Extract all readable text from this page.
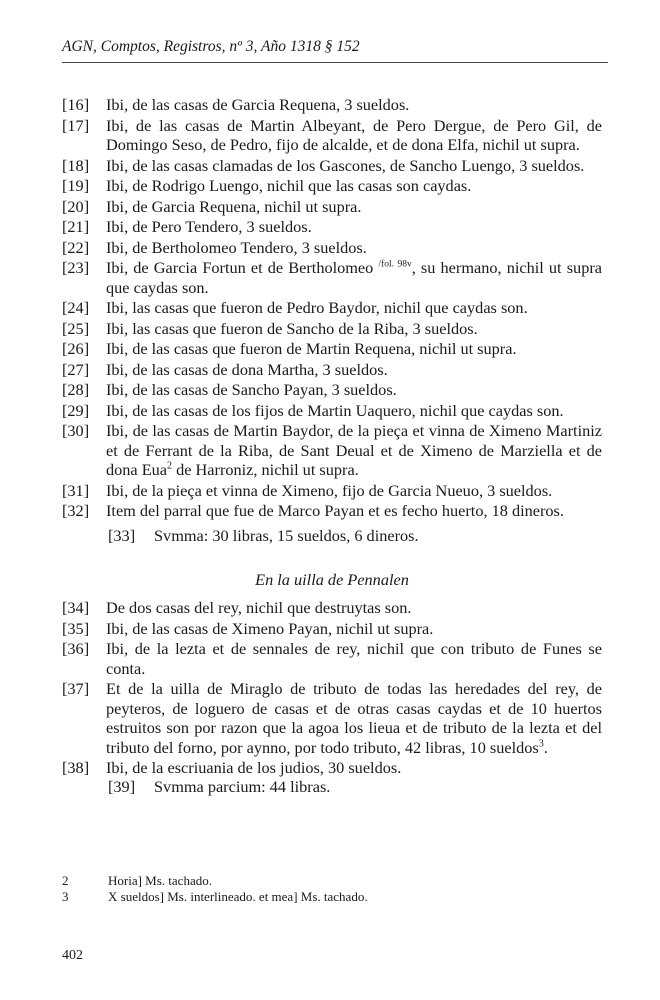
AGN, Comptos, Registros, nº 3, Año 1318 § 152
[16]	Ibi, de las casas de Garcia Requena, 3 sueldos.
[17]	Ibi, de las casas de Martin Albeyant, de Pero Dergue, de Pero Gil, de Domingo Seso, de Pedro, fijo de alcalde, et de dona Elfa, nichil ut supra.
[18]	Ibi, de las casas clamadas de los Gascones, de Sancho Luengo, 3 sueldos.
[19]	Ibi, de Rodrigo Luengo, nichil que las casas son caydas.
[20]	Ibi, de Garcia Requena, nichil ut supra.
[21]	Ibi, de Pero Tendero, 3 sueldos.
[22]	Ibi, de Bertholomeo Tendero, 3 sueldos.
[23]	Ibi, de Garcia Fortun et de Bertholomeo $^{/fol. 98v}$, su hermano, nichil ut supra que caydas son.
[24]	Ibi, las casas que fueron de Pedro Baydor, nichil que caydas son.
[25]	Ibi, las casas que fueron de Sancho de la Riba, 3 sueldos.
[26]	Ibi, de las casas que fueron de Martin Requena, nichil ut supra.
[27]	Ibi, de las casas de dona Martha, 3 sueldos.
[28]	Ibi, de las casas de Sancho Payan, 3 sueldos.
[29]	Ibi, de las casas de los fijos de Martin Uaquero, nichil que caydas son.
[30]	Ibi, de las casas de Martin Baydor, de la pieça et vinna de Ximeno Martiniz et de Ferrant de la Riba, de Sant Deual et de Ximeno de Marziella et de dona Eua$^2$ de Harroniz, nichil ut supra.
[31]	Ibi, de la pieça et vinna de Ximeno, fijo de Garcia Nueuo, 3 sueldos.
[32]	Item del parral que fue de Marco Payan et es fecho huerto, 18 dineros.
[33] Svmma: 30 libras, 15 sueldos, 6 dineros.
En la uilla de Pennalen
[34]	De dos casas del rey, nichil que destruytas son.
[35]	Ibi, de las casas de Ximeno Payan, nichil ut supra.
[36]	Ibi, de la lezta et de sennales de rey, nichil que con tributo de Funes se conta.
[37]	Et de la uilla de Miraglo de tributo de todas las heredades del rey, de peyteros, de loguero de casas et de otras casas caydas et de 10 huertos estruitos son por razon que la agoa los lieua et de tributo de la lezta et del tributo del forno, por aynno, por todo tributo, 42 libras, 10 sueldos$^3$.
[38]	Ibi, de la escriuania de los judios, 30 sueldos.
[39] Svmma parcium: 44 libras.
2	Horia] Ms. tachado.
3	X sueldos] Ms. interlineado. et mea] Ms. tachado.
402
